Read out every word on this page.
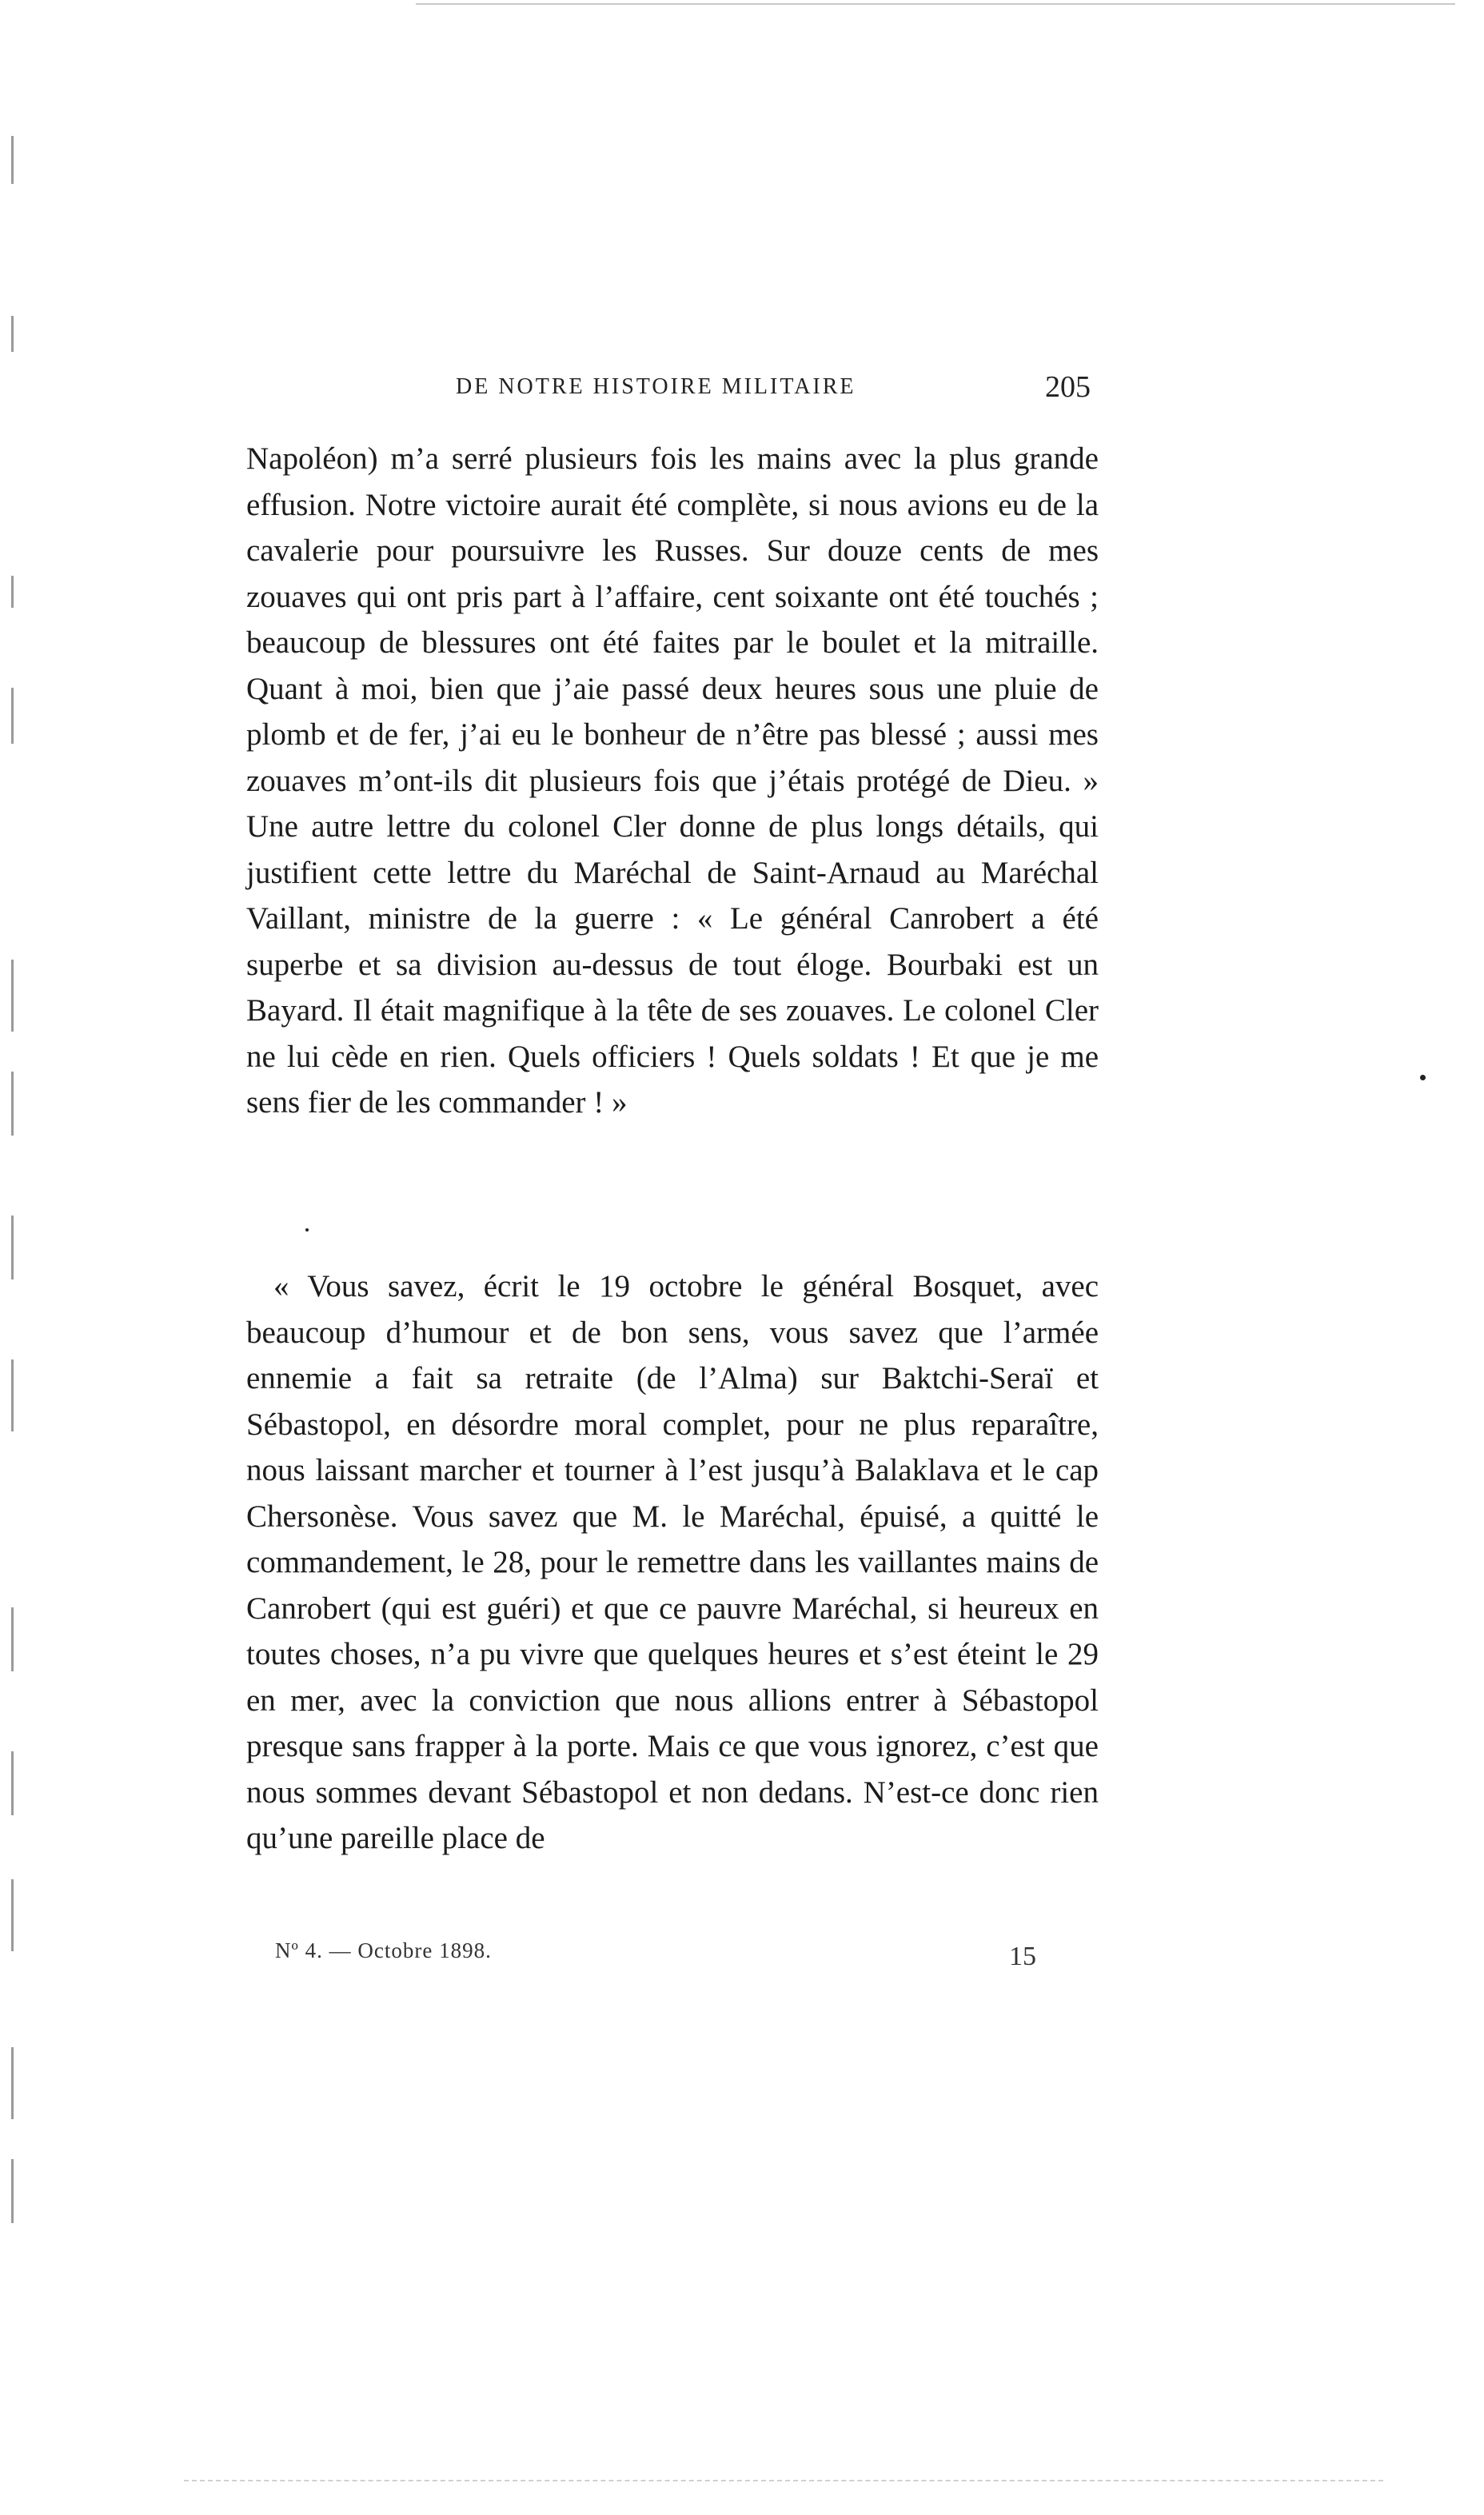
DE NOTRE HISTOIRE MILITAIRE	205

Napoléon) m’a serré plusieurs fois les mains avec la plus grande effusion. Notre victoire aurait été complète, si nous avions eu de la cavalerie pour poursuivre les Russes. Sur douze cents de mes zouaves qui ont pris part à l’affaire, cent soixante ont été touchés ; beaucoup de blessures ont été faites par le boulet et la mitraille. Quant à moi, bien que j’aie passé deux heures sous une pluie de plomb et de fer, j’ai eu le bonheur de n’être pas blessé ; aussi mes zouaves m’ont-ils dit plusieurs fois que j’étais protégé de Dieu. » Une autre lettre du colonel Cler donne de plus longs détails, qui justifient cette lettre du Maréchal de Saint-Arnaud au Maréchal Vaillant, ministre de la guerre : « Le général Canrobert a été superbe et sa division au-dessus de tout éloge. Bourbaki est un Bayard. Il était magnifique à la tête de ses zouaves. Le colonel Cler ne lui cède en rien. Quels officiers ! Quels soldats ! Et que je me sens fier de les commander ! »

« Vous savez, écrit le 19 octobre le général Bosquet, avec beaucoup d’humour et de bon sens, vous savez que l’armée ennemie a fait sa retraite (de l’Alma) sur Baktchi-Seraï et Sébastopol, en désordre moral complet, pour ne plus reparaître, nous laissant marcher et tourner à l’est jusqu’à Balaklava et le cap Chersonèse. Vous savez que M. le Maréchal, épuisé, a quitté le commandement, le 28, pour le remettre dans les vaillantes mains de Canrobert (qui est guéri) et que ce pauvre Maréchal, si heureux en toutes choses, n’a pu vivre que quelques heures et s’est éteint le 29 en mer, avec la conviction que nous allions entrer à Sébastopol presque sans frapper à la porte. Mais ce que vous ignorez, c’est que nous sommes devant Sébastopol et non dedans. N’est-ce donc rien qu’une pareille place de

Nº 4. — Octobre 1898.	15
